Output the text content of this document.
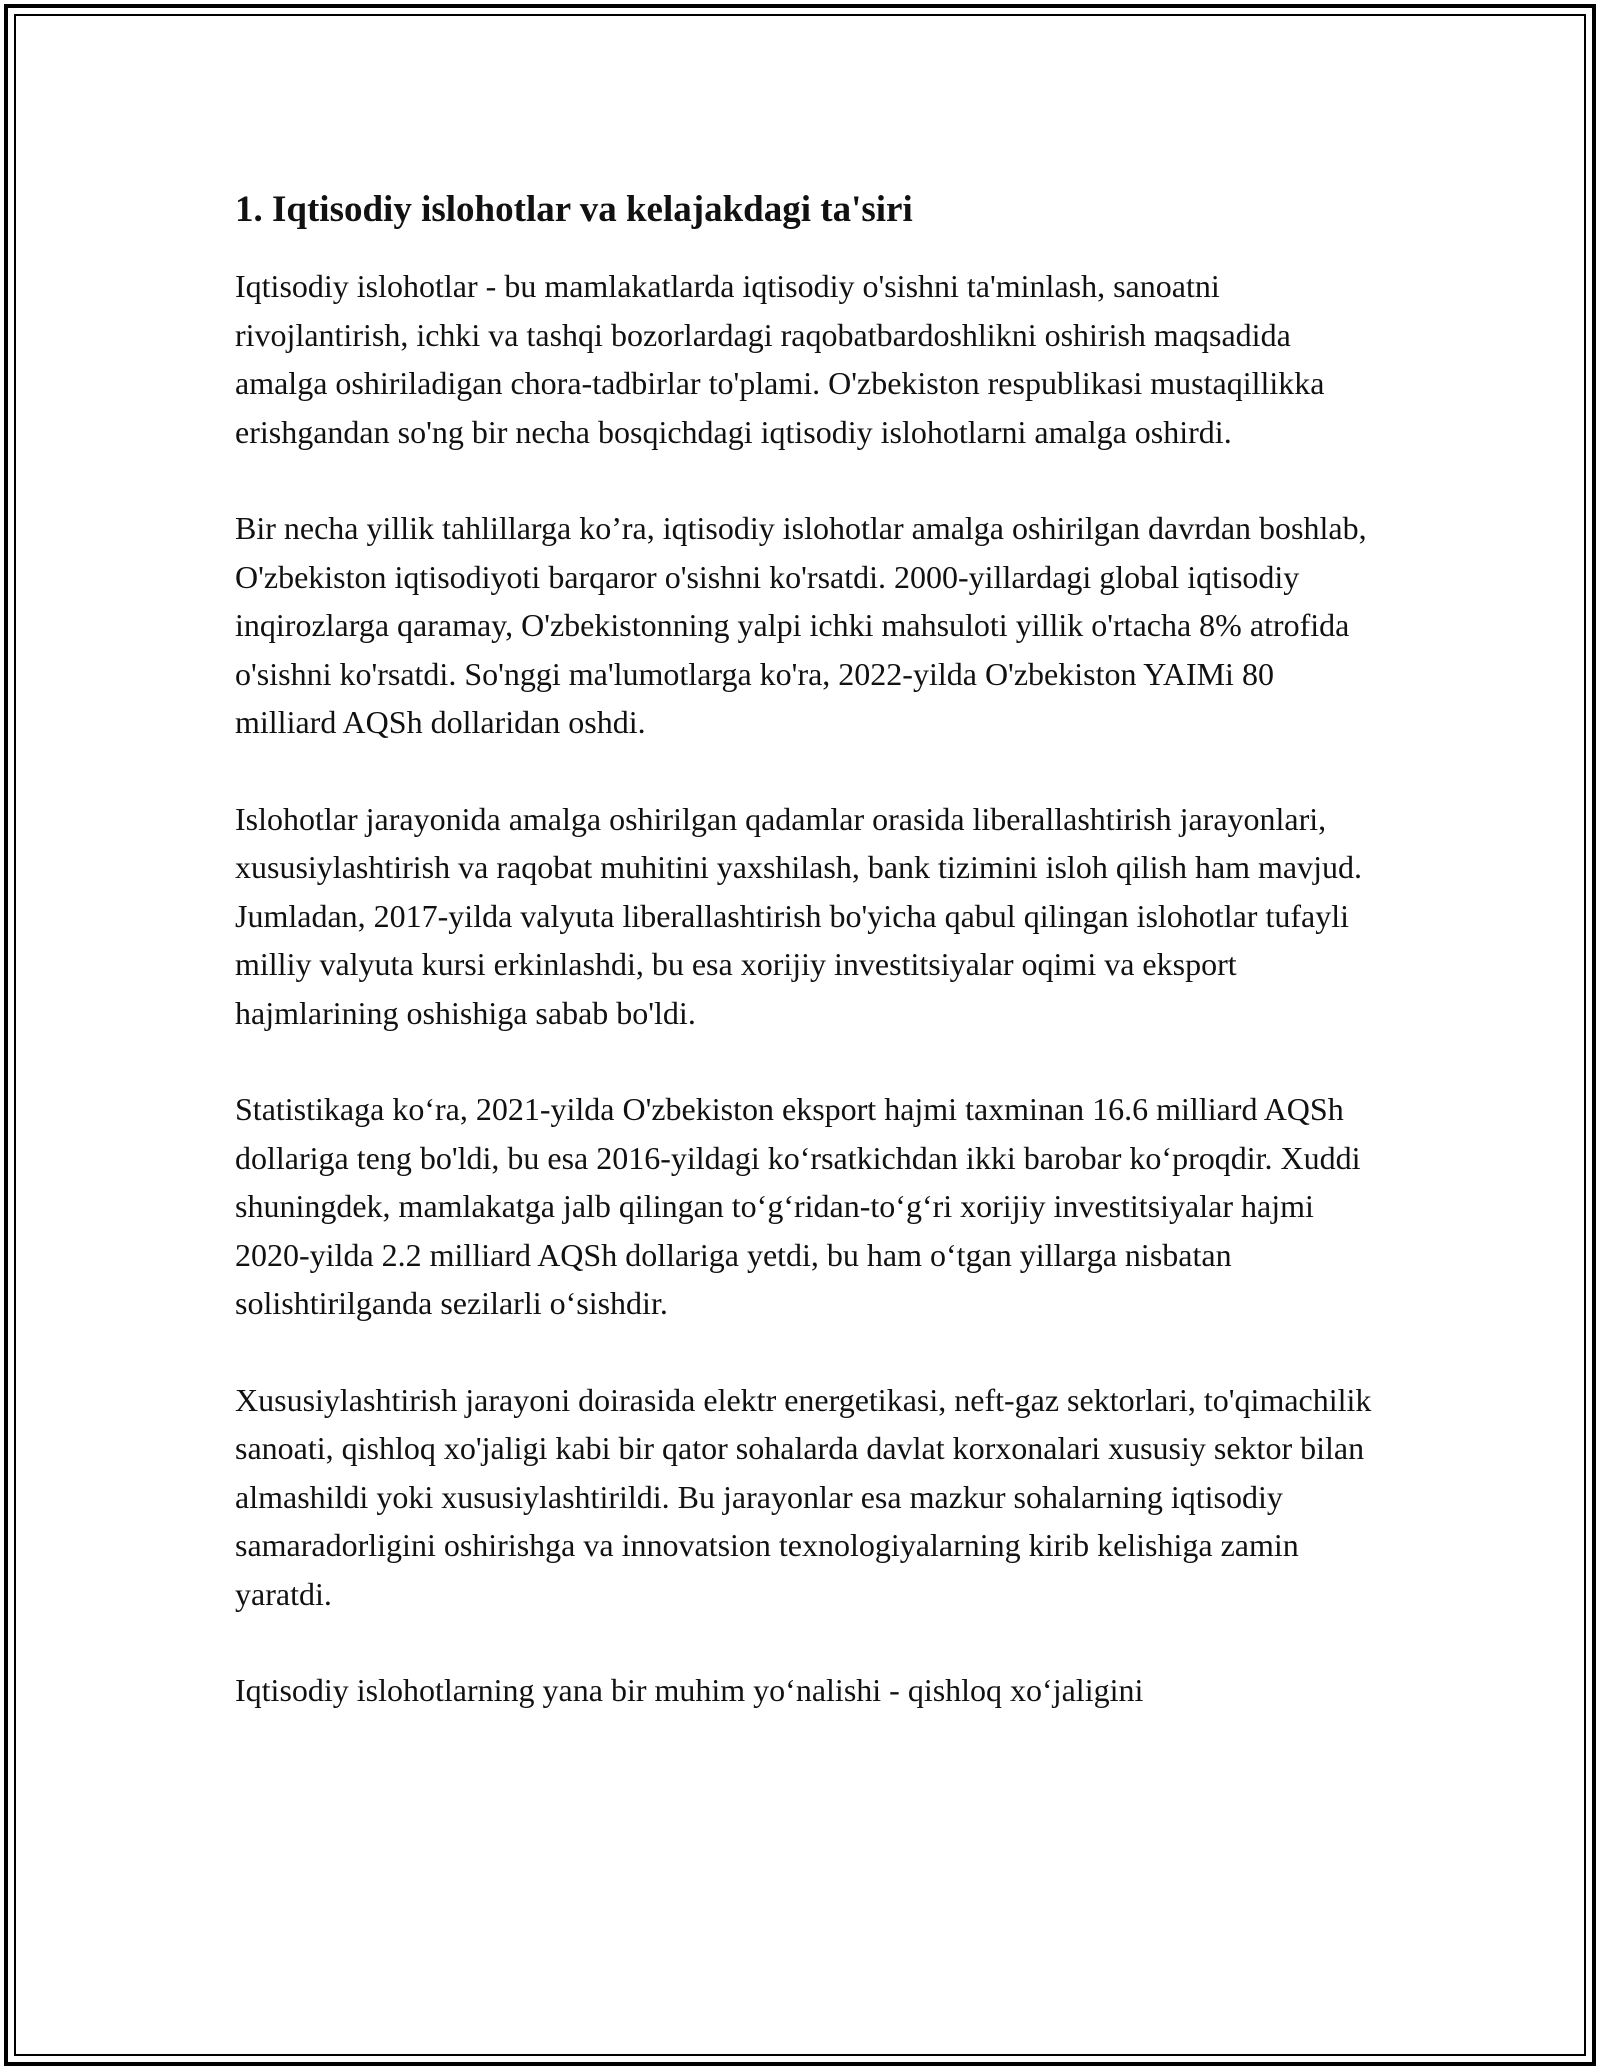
1. Iqtisodiy islohotlar va kelajakdagi ta'siri

Iqtisodiy islohotlar - bu mamlakatlarda iqtisodiy o'sishni ta'minlash, sanoatni rivojlantirish, ichki va tashqi bozorlardagi raqobatbardoshlikni oshirish maqsadida amalga oshiriladigan chora-tadbirlar to'plami. O'zbekiston respublikasi mustaqillikka erishgandan so'ng bir necha bosqichdagi iqtisodiy islohotlarni amalga oshirdi.

Bir necha yillik tahlillarga ko’ra, iqtisodiy islohotlar amalga oshirilgan davrdan boshlab, O'zbekiston iqtisodiyoti barqaror o'sishni ko'rsatdi. 2000-yillardagi global iqtisodiy inqirozlarga qaramay, O'zbekistonning yalpi ichki mahsuloti yillik o'rtacha 8% atrofida o'sishni ko'rsatdi. So'nggi ma'lumotlarga ko'ra, 2022-yilda O'zbekiston YAIMi 80 milliard AQSh dollaridan oshdi.

Islohotlar jarayonida amalga oshirilgan qadamlar orasida liberallashtirish jarayonlari, xususiylashtirish va raqobat muhitini yaxshilash, bank tizimini isloh qilish ham mavjud. Jumladan, 2017-yilda valyuta liberallashtirish bo'yicha qabul qilingan islohotlar tufayli milliy valyuta kursi erkinlashdi, bu esa xorijiy investitsiyalar oqimi va eksport hajmlarining oshishiga sabab bo'ldi.

Statistikaga koʻra, 2021-yilda O'zbekiston eksport hajmi taxminan 16.6 milliard AQSh dollariga teng bo'ldi, bu esa 2016-yildagi koʻrsatkichdan ikki barobar koʻproqdir. Xuddi shuningdek, mamlakatga jalb qilingan toʻgʻridan-toʻgʻri xorijiy investitsiyalar hajmi 2020-yilda 2.2 milliard AQSh dollariga yetdi, bu ham oʻtgan yillarga nisbatan solishtirilganda sezilarli oʻsishdir.

Xususiylashtirish jarayoni doirasida elektr energetikasi, neft-gaz sektorlari, to'qimachilik sanoati, qishloq xo'jaligi kabi bir qator sohalarda davlat korxonalari xususiy sektor bilan almashildi yoki xususiylashtirildi. Bu jarayonlar esa mazkur sohalarning iqtisodiy samaradorligini oshirishga va innovatsion texnologiyalarning kirib kelishiga zamin yaratdi.

Iqtisodiy islohotlarning yana bir muhim yoʻnalishi - qishloq xoʻjaligini
